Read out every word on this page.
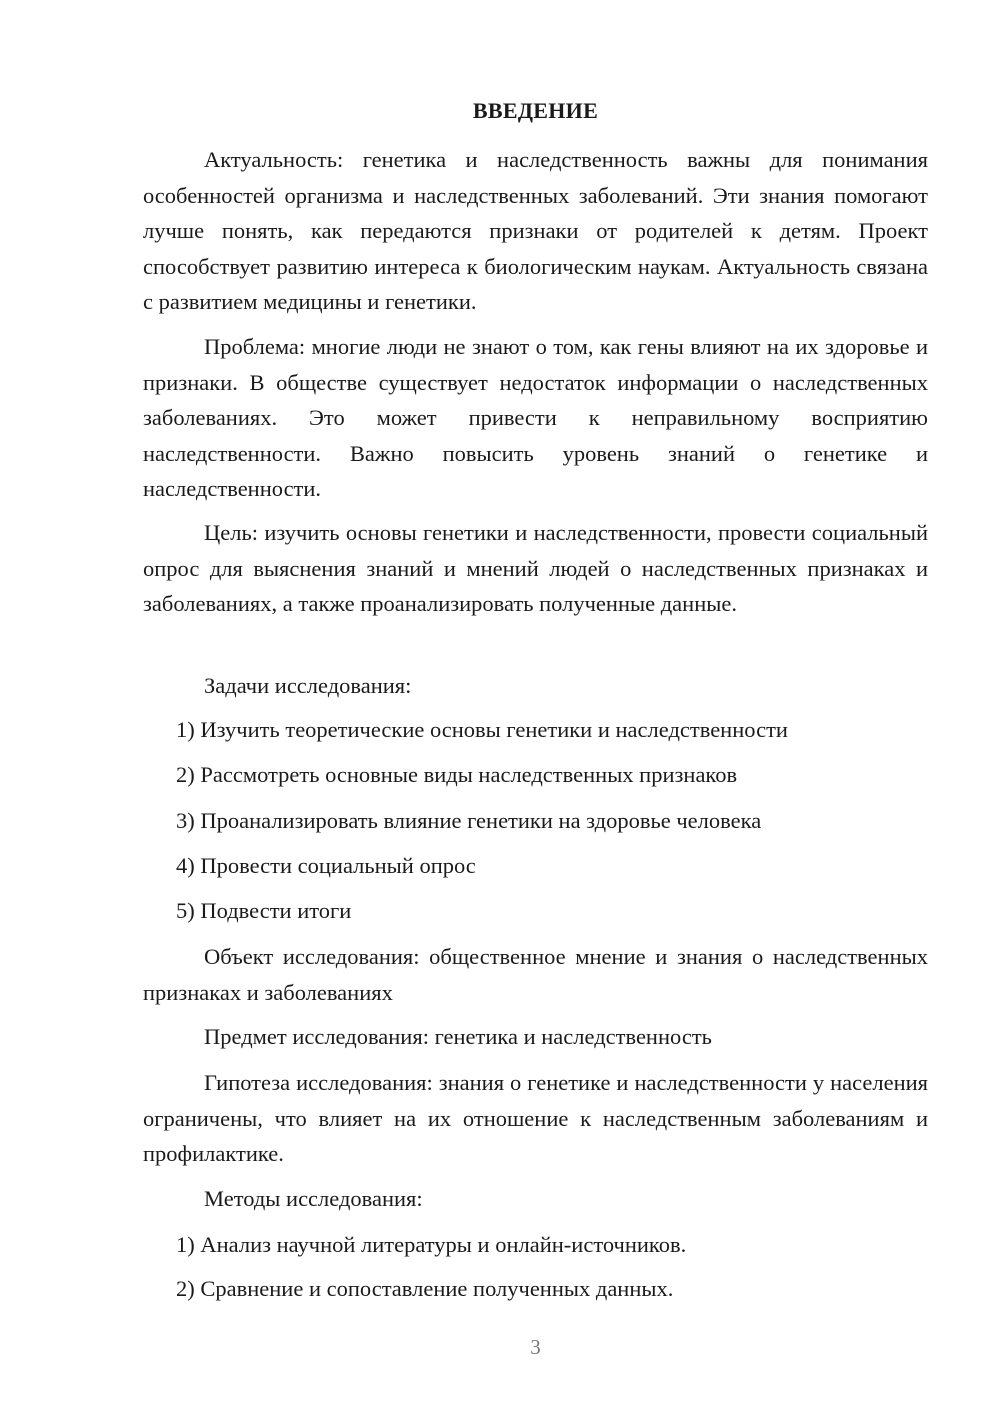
ВВЕДЕНИЕ

Актуальность: генетика и наследственность важны для понимания особенностей организма и наследственных заболеваний. Эти знания помогают лучше понять, как передаются признаки от родителей к детям. Проект способствует развитию интереса к биологическим наукам. Актуальность связана с развитием медицины и генетики.

Проблема: многие люди не знают о том, как гены влияют на их здоровье и признаки. В обществе существует недостаток информации о наследственных заболеваниях. Это может привести к неправильному восприятию наследственности. Важно повысить уровень знаний о генетике и наследственности.

Цель: изучить основы генетики и наследственности, провести социальный опрос для выяснения знаний и мнений людей о наследственных признаках и заболеваниях, а также проанализировать полученные данные.

Задачи исследования:

1) Изучить теоретические основы генетики и наследственности

2) Рассмотреть основные виды наследственных признаков

3) Проанализировать влияние генетики на здоровье человека

4) Провести социальный опрос

5) Подвести итоги

Объект исследования: общественное мнение и знания о наследственных признаках и заболеваниях

Предмет исследования: генетика и наследственность

Гипотеза исследования: знания о генетике и наследственности у населения ограничены, что влияет на их отношение к наследственным заболеваниям и профилактике.

Методы исследования:

1) Анализ научной литературы и онлайн-источников.

2) Сравнение и сопоставление полученных данных.

3
